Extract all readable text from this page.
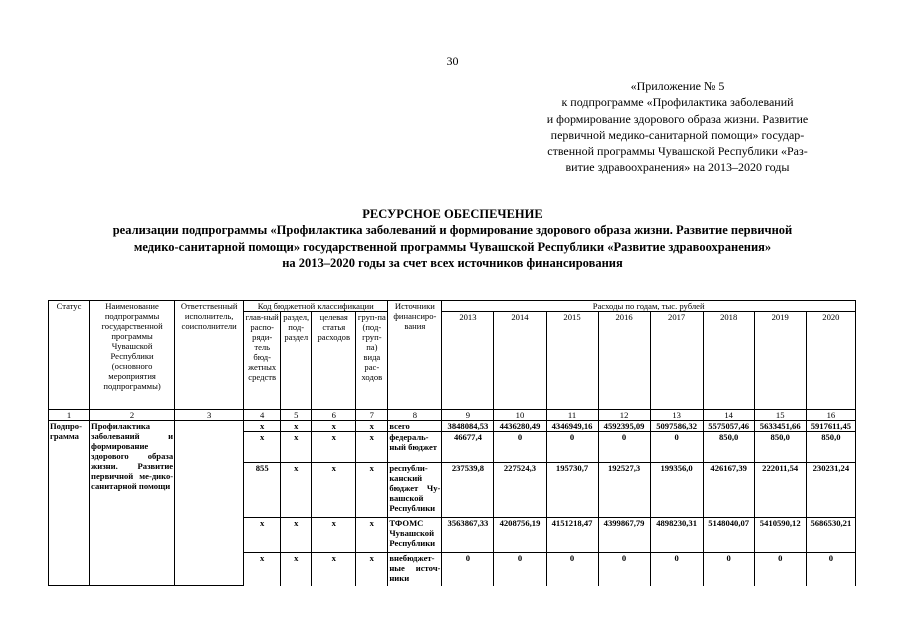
30
«Приложение № 5
к подпрограмме «Профилактика заболеваний
и формирование здорового образа жизни. Развитие
первичной медико-санитарной помощи» государ-
ственной программы Чувашской Республики «Раз-
витие здравоохранения» на 2013–2020 годы
РЕСУРСНОЕ ОБЕСПЕЧЕНИЕ
реализации подпрограммы «Профилактика заболеваний и формирование здорового образа жизни. Развитие первичной
медико-санитарной помощи» государственной программы Чувашской Республики «Развитие здравоохранения»
на 2013–2020 годы за счет всех источников финансирования
Статус	Наименование подпрограммы государственной программы Чувашской Республики (основного мероприятия подпрограммы)	Ответственный исполнитель, соисполнители	Код бюджетной классификации				Источники финансиро-вания	Расходы по годам, тыс. рублей							
			глав-ный распо-ряди-тель бюд-жетных средств	раздел, под-раздел	целевая статья расходов	груп-па (под-груп-па) вида рас-ходов		2013	2014	2015	2016	2017	2018	2019	2020
1	2	3	4	5	6	7	8	9	10	11	12	13	14	15	16
Подпро-грамма	Профилактика заболеваний и формирование здорового образа жизни. Развитие первичной ме-дико-санитарной помощи		x	x	x	x	всего	3848084,53	4436280,49	4346949,16	4592395,09	5097586,32	5575057,46	5633451,66	5917611,45
			x	x	x	x	федераль-ный бюджет	46677,4	0	0	0	0	850,0	850,0	850,0
			855	x	x	x	республи-канский бюджет Чу-вашской Республики	237539,8	227524,3	195730,7	192527,3	199356,0	426167,39	222011,54	230231,24
			x	x	x	x	ТФОМС Чувашской Республики	3563867,33	4208756,19	4151218,47	4399867,79	4898230,31	5148040,07	5410590,12	5686530,21
			x	x	x	x	внебюджет-ные источ-ники	0	0	0	0	0	0	0	0
